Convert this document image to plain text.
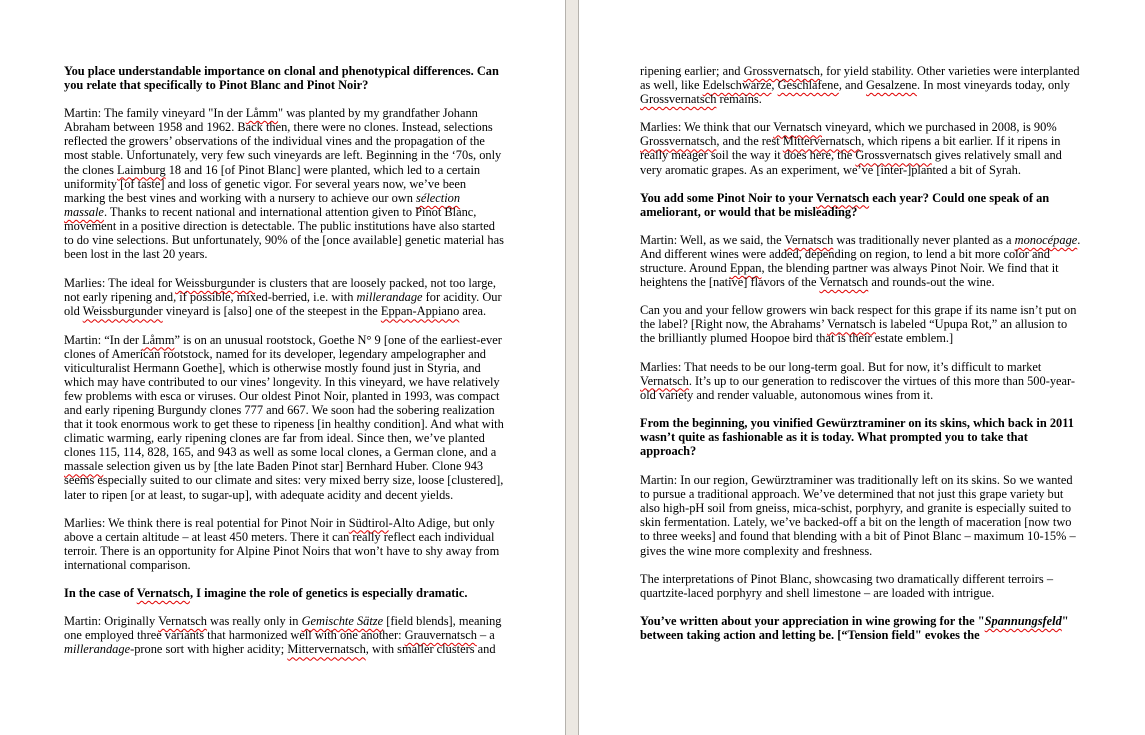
You place understandable importance on clonal and phenotypical differences. Can you relate that specifically to Pinot Blanc and Pinot Noir?

Martin: The family vineyard "In der Låmm" was planted by my grandfather Johann Abraham between 1958 and 1962. Back then, there were no clones. Instead, selections reflected the growers’ observations of the individual vines and the propagation of the most stable. Unfortunately, very few such vineyards are left. Beginning in the ‘70s, only the clones Laimburg 18 and 16 [of Pinot Blanc] were planted, which led to a certain uniformity [of taste] and loss of genetic vigor. For several years now, we’ve been marking the best vines and working with a nursery to achieve our own sélection massale. Thanks to recent national and international attention given to Pinot Blanc, movement in a positive direction is detectable. The public institutions have also started to do vine selections. But unfortunately, 90% of the [once available] genetic material has been lost in the last 20 years.

Marlies: The ideal for Weissburgunder is clusters that are loosely packed, not too large, not early ripening and, if possible, mixed-berried, i.e. with millerandage for acidity. Our old Weissburgunder vineyard is [also] one of the steepest in the Eppan-Appiano area.

Martin: “In der Låmm” is on an unusual rootstock, Goethe N° 9 [one of the earliest-ever clones of American rootstock, named for its developer, legendary ampelographer and viticulturalist Hermann Goethe], which is otherwise mostly found just in Styria, and which may have contributed to our vines’ longevity. In this vineyard, we have relatively few problems with esca or viruses. Our oldest Pinot Noir, planted in 1993, was compact and early ripening Burgundy clones 777 and 667. We soon had the sobering realization that it took enormous work to get these to ripeness [in healthy condition]. And what with climatic warming, early ripening clones are far from ideal. Since then, we’ve planted clones 115, 114, 828, 165, and 943 as well as some local clones, a German clone, and a massale selection given us by [the late Baden Pinot star] Bernhard Huber. Clone 943 seems especially suited to our climate and sites: very mixed berry size, loose [clustered], later to ripen [or at least, to sugar-up], with adequate acidity and decent yields.

Marlies: We think there is real potential for Pinot Noir in Südtirol-Alto Adige, but only above a certain altitude – at least 450 meters. There it can really reflect each individual terroir. There is an opportunity for Alpine Pinot Noirs that won’t have to shy away from international comparison.

In the case of Vernatsch, I imagine the role of genetics is especially dramatic.

Martin: Originally Vernatsch was really only in Gemischte Sätze [field blends], meaning one employed three variants that harmonized well with one another: Grauvernatsch – a millerandage-prone sort with higher acidity; Mittervernatsch, with smaller clusters and

ripening earlier; and Grossvernatsch, for yield stability. Other varieties were interplanted as well, like Edelschwarze, Geschlafene, and Gesalzene. In most vineyards today, only Grossvernatsch remains.

Marlies: We think that our Vernatsch vineyard, which we purchased in 2008, is 90% Grossvernatsch, and the rest Mittervernatsch, which ripens a bit earlier. If it ripens in really meager soil the way it does here, the Grossvernatsch gives relatively small and very aromatic grapes. As an experiment, we’ve [inter-]planted a bit of Syrah.

You add some Pinot Noir to your Vernatsch each year? Could one speak of an ameliorant, or would that be misleading?

Martin: Well, as we said, the Vernatsch was traditionally never planted as a monocépage. And different wines were added, depending on region, to lend a bit more color and structure. Around Eppan, the blending partner was always Pinot Noir. We find that it heightens the [native] flavors of the Vernatsch and rounds-out the wine.

Can you and your fellow growers win back respect for this grape if its name isn’t put on the label? [Right now, the Abrahams’ Vernatsch is labeled “Upupa Rot,” an allusion to the brilliantly plumed Hoopoe bird that is their estate emblem.]

Marlies: That needs to be our long-term goal. But for now, it’s difficult to market Vernatsch. It’s up to our generation to rediscover the virtues of this more than 500-year-old variety and render valuable, autonomous wines from it.

From the beginning, you vinified Gewürztraminer on its skins, which back in 2011 wasn’t quite as fashionable as it is today. What prompted you to take that approach?

Martin: In our region, Gewürztraminer was traditionally left on its skins. So we wanted to pursue a traditional approach. We’ve determined that not just this grape variety but also high-pH soil from gneiss, mica-schist, porphyry, and granite is especially suited to skin fermentation. Lately, we’ve backed-off a bit on the length of maceration [now two to three weeks] and found that blending with a bit of Pinot Blanc – maximum 10-15% – gives the wine more complexity and freshness.

The interpretations of Pinot Blanc, showcasing two dramatically different terroirs – quartzite-laced porphyry and shell limestone – are loaded with intrigue.

You’ve written about your appreciation in wine growing for the "Spannungsfeld" between taking action and letting be. [“Tension field" evokes the
